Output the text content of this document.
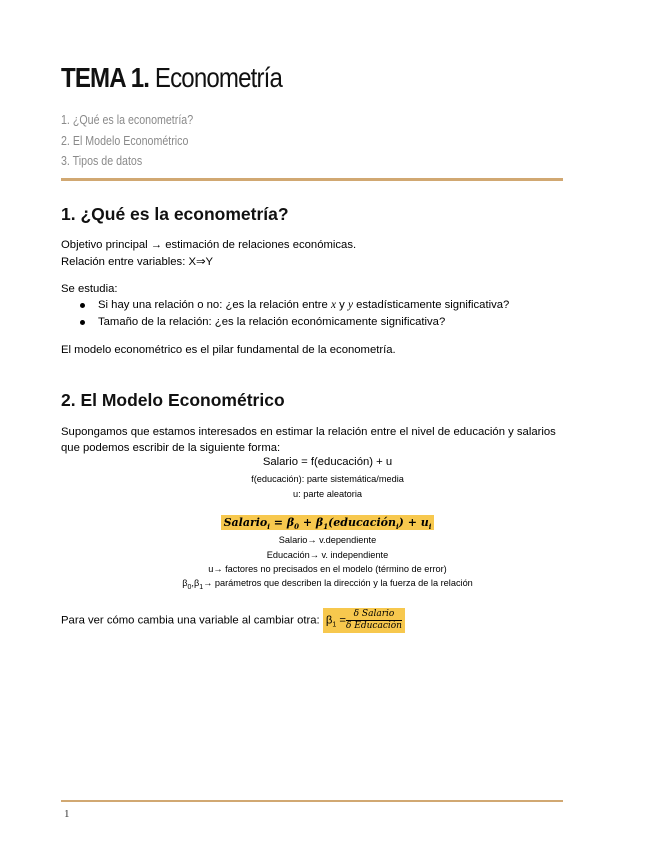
TEMA 1. Econometría
1. ¿Qué es la econometría?
2. El Modelo Econométrico
3. Tipos de datos
1. ¿Qué es la econometría?

Objetivo principal → estimación de relaciones económicas.

Relación entre variables: X⇒Y

Se estudia:

Si hay una relación o no: ¿es la relación entre x y y estadísticamente significativa?
Tamaño de la relación: ¿es la relación económicamente significativa?

El modelo econométrico es el pilar fundamental de la econometría.

2. El Modelo Econométrico

Supongamos que estamos interesados en estimar la relación entre el nivel de educación y salarios

que podemos escribir de la siguiente forma:

Salario = f(educación) + u

f(educación): parte sistemática/media

u: parte aleatoria

Salario$_i$ = $\beta_0$ + $\beta_1(educación_i) + u_i$

Salario→ v.dependiente

Educación→ v. independiente

u→ factores no precisados en el modelo (término de error)

$\beta_0,\beta_1\to$ parámetros que describen la dirección y la fuerza de la relación

Para ver cómo cambia una variable al cambiar otra: $\beta_1 = \frac{\text{δ Salario}}{\text{δ Educación}}$

1
